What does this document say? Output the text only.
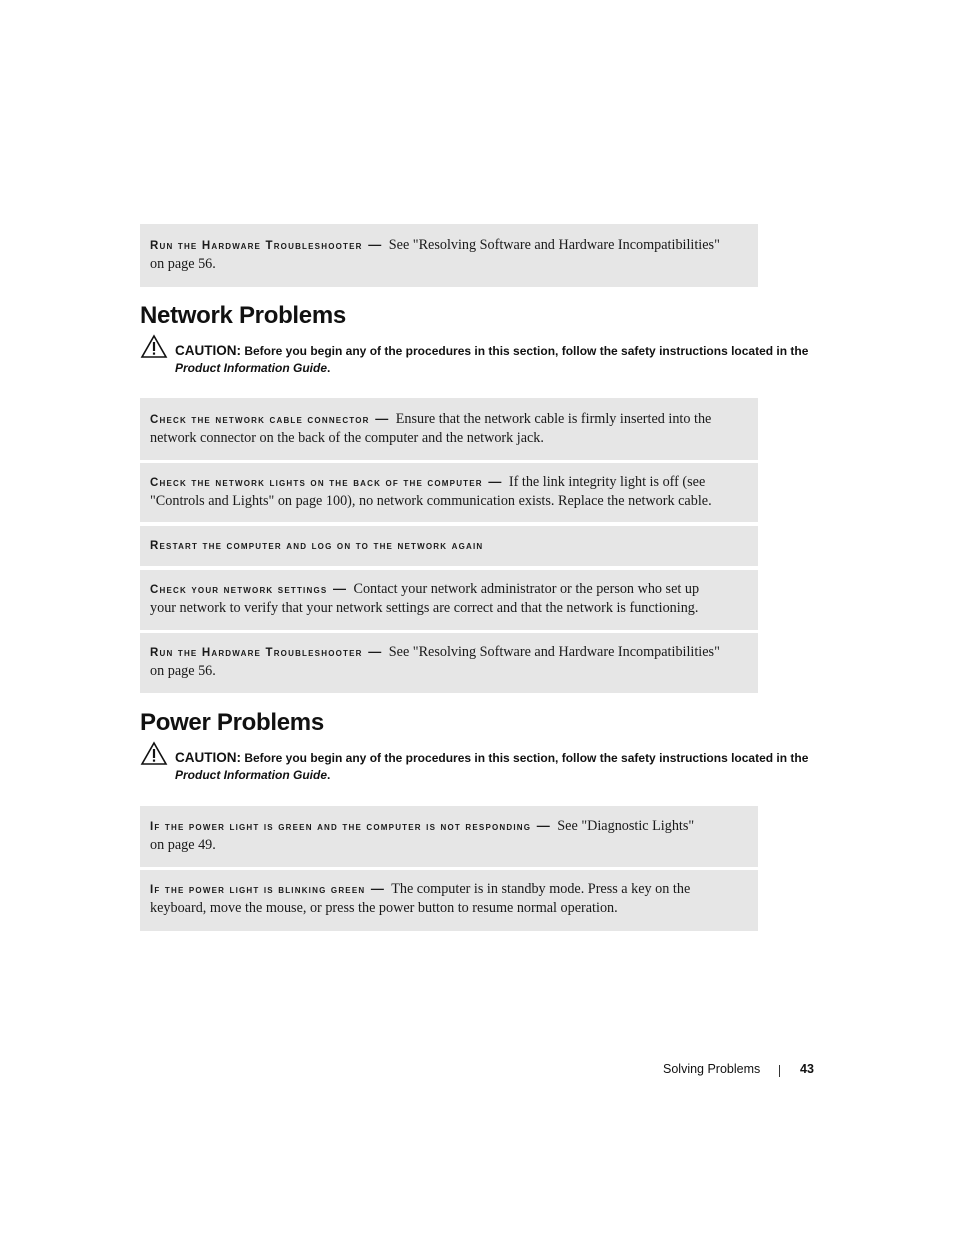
Run the Hardware Troubleshooter — See "Resolving Software and Hardware Incompatibilities"
on page 56.

Network Problems
CAUTION: Before you begin any of the procedures in this section, follow the safety instructions located in the
Product Information Guide.

Check the network cable connector — Ensure that the network cable is firmly inserted into the
network connector on the back of the computer and the network jack.

Check the network lights on the back of the computer — If the link integrity light is off (see
"Controls and Lights" on page 100), no network communication exists. Replace the network cable.

Restart the computer and log on to the network again

Check your network settings — Contact your network administrator or the person who set up
your network to verify that your network settings are correct and that the network is functioning.

Run the Hardware Troubleshooter — See "Resolving Software and Hardware Incompatibilities"
on page 56.

Power Problems
CAUTION: Before you begin any of the procedures in this section, follow the safety instructions located in the
Product Information Guide.

If the power light is green and the computer is not responding — See "Diagnostic Lights"
on page 49.

If the power light is blinking green — The computer is in standby mode. Press a key on the
keyboard, move the mouse, or press the power button to resume normal operation.

Solving Problems	43
